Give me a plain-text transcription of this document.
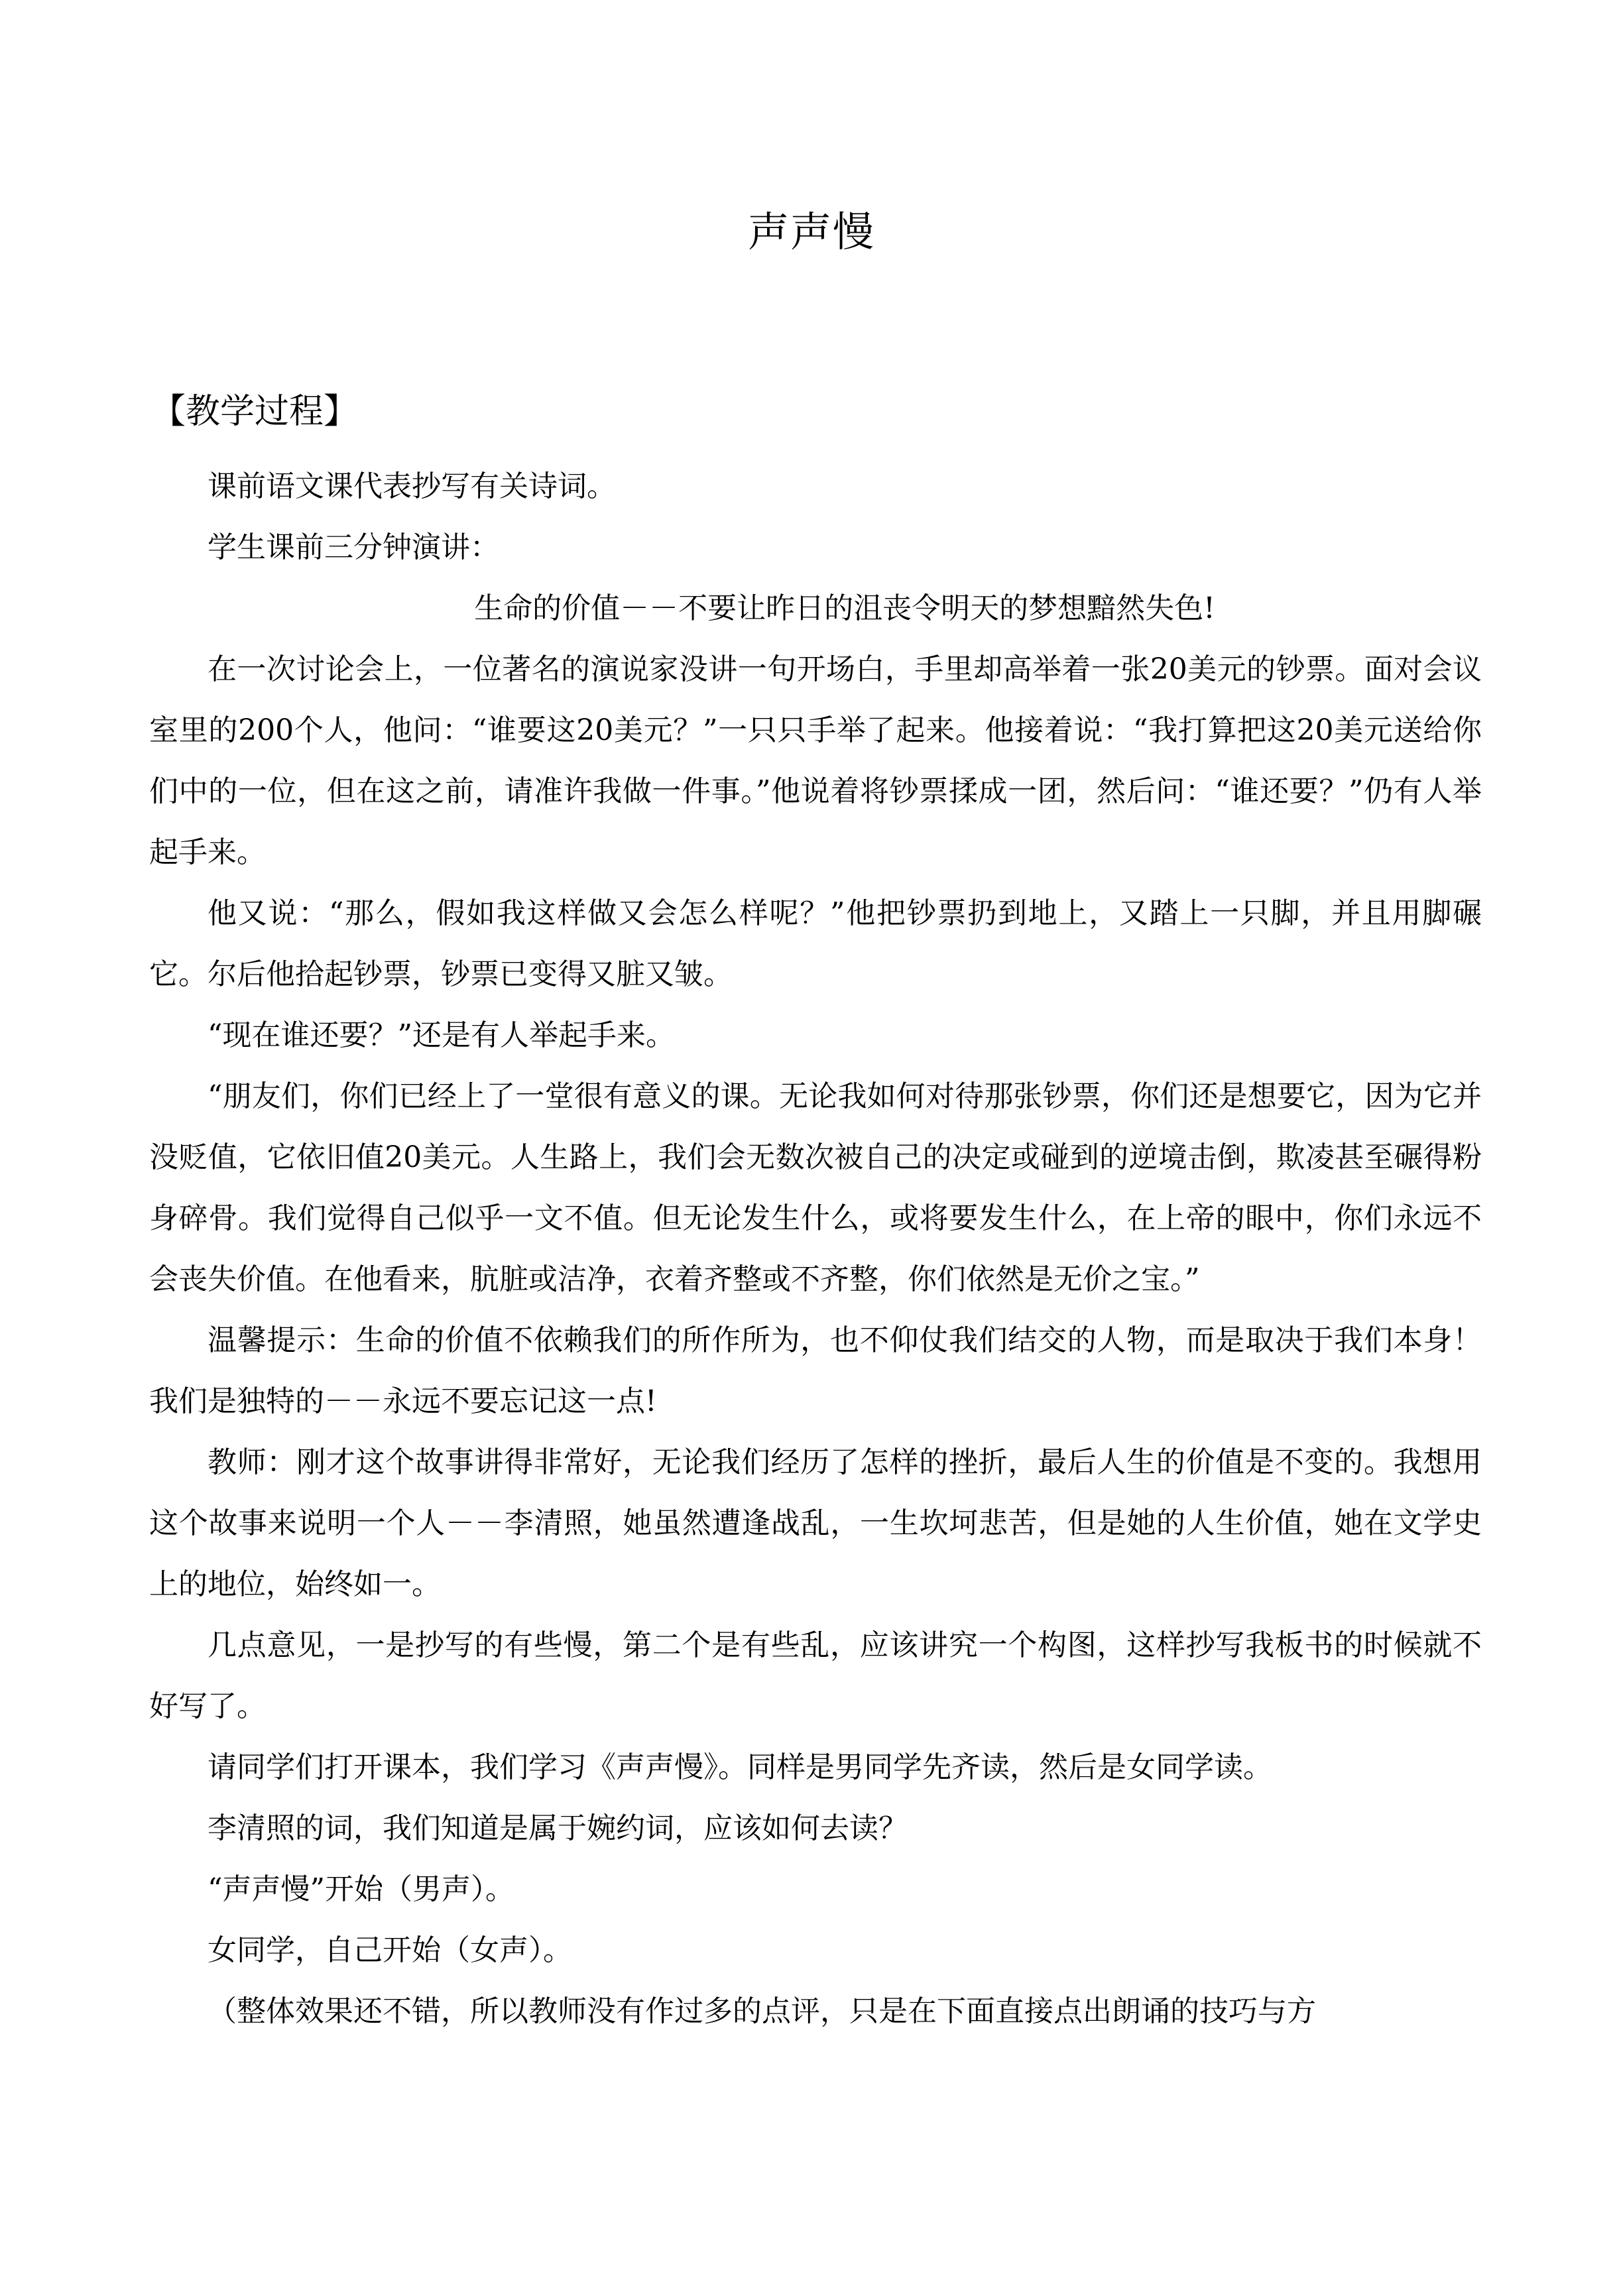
声声慢
【教学过程】

课前语文课代表抄写有关诗词。

学生课前三分钟演讲：

生命的价值－－不要让昨日的沮丧令明天的梦想黯然失色!

在一次讨论会上，一位著名的演说家没讲一句开场白，手里却高举着一张20美元的钞票。面对会议室里的200个人，他问：“谁要这20美元？”一只只手举了起来。他接着说：“我打算把这20美元送给你们中的一位，但在这之前，请准许我做一件事。”他说着将钞票揉成一团，然后问：“谁还要？”仍有人举起手来。

他又说：“那么，假如我这样做又会怎么样呢？”他把钞票扔到地上，又踏上一只脚，并且用脚碾它。尔后他拾起钞票，钞票已变得又脏又皱。

“现在谁还要？”还是有人举起手来。

“朋友们，你们已经上了一堂很有意义的课。无论我如何对待那张钞票，你们还是想要它，因为它并没贬值，它依旧值20美元。人生路上，我们会无数次被自己的决定或碰到的逆境击倒，欺凌甚至碾得粉身碎骨。我们觉得自己似乎一文不值。但无论发生什么，或将要发生什么，在上帝的眼中，你们永远不会丧失价值。在他看来，肮脏或洁净，衣着齐整或不齐整，你们依然是无价之宝。”

温馨提示：生命的价值不依赖我们的所作所为，也不仰仗我们结交的人物，而是取决于我们本身！我们是独特的－－永远不要忘记这一点!

教师：刚才这个故事讲得非常好，无论我们经历了怎样的挫折，最后人生的价值是不变的。我想用这个故事来说明一个人－－李清照，她虽然遭逢战乱，一生坎坷悲苦，但是她的人生价值，她在文学史上的地位，始终如一。

几点意见，一是抄写的有些慢，第二个是有些乱，应该讲究一个构图，这样抄写我板书的时候就不好写了。

请同学们打开课本，我们学习《声声慢》。同样是男同学先齐读，然后是女同学读。

李清照的词，我们知道是属于婉约词，应该如何去读？

“声声慢”开始（男声）。

女同学，自己开始（女声）。

（整体效果还不错，所以教师没有作过多的点评，只是在下面直接点出朗诵的技巧与方
